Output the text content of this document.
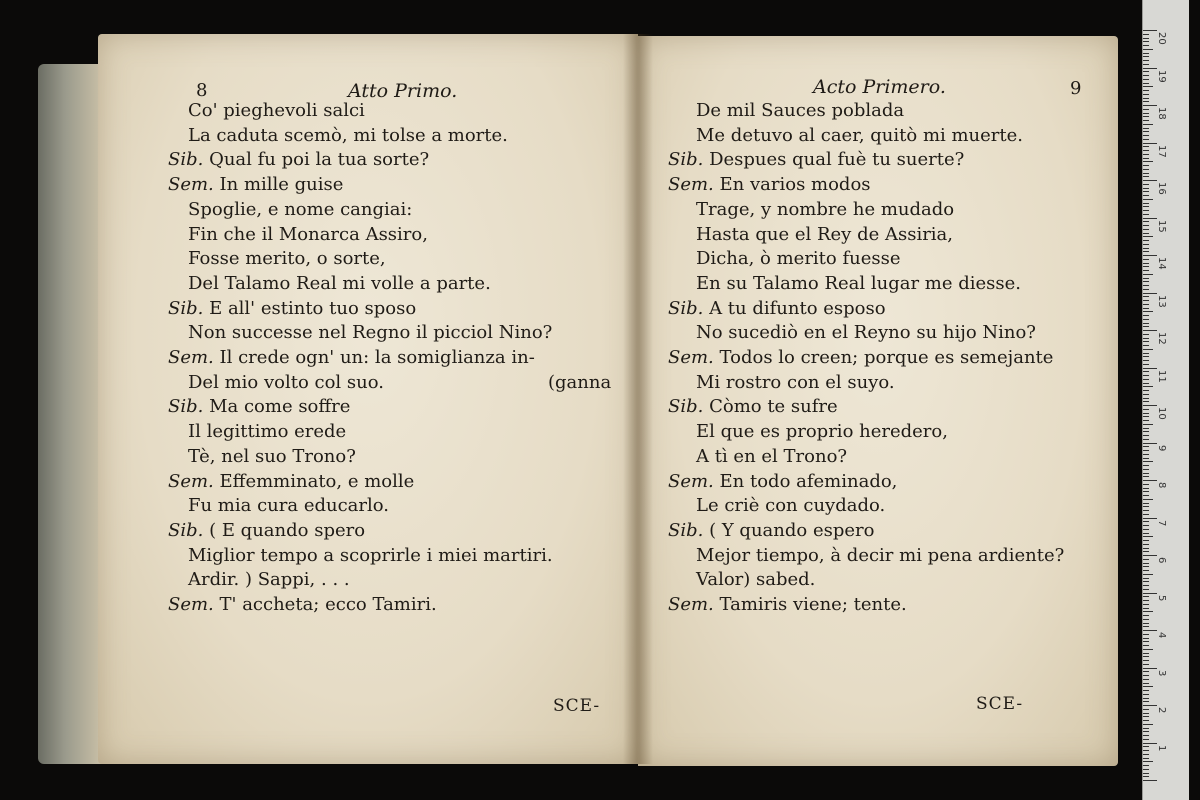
8	Atto Primo.
Co' pieghevoli salci
La caduta scemò, mi tolse a morte.
Sib. Qual fu poi la tua sorte?
Sem. In mille guise
Spoglie, e nome cangiai:
Fin che il Monarca Assiro,
Fosse merito, o sorte,
Del Talamo Real mi volle a parte.
Sib. E all' estinto tuo sposo
Non successe nel Regno il picciol Nino?
Sem. Il crede ogn' un: la somiglianza in-
Del mio volto col suo.	(ganna
Sib. Ma come soffre
Il legittimo erede
Tè, nel suo Trono?
Sem. Effemminato, e molle
Fu mia cura educarlo.
Sib. ( E quando spero
Miglior tempo a scoprirle i miei martiri.
Ardir. ) Sappi, . . .
Sem. T' accheta; ecco Tamiri.
SCE-
Acto Primero.	9
De mil Sauces poblada
Me detuvo al caer, quitò mi muerte.
Sib. Despues qual fuè tu suerte?
Sem. En varios modos
Trage, y nombre he mudado
Hasta que el Rey de Assiria,
Dicha, ò merito fuesse
En su Talamo Real lugar me diesse.
Sib. A tu difunto esposo
No sucediò en el Reyno su hijo Nino?
Sem. Todos lo creen; porque es semejante
Mi rostro con el suyo.
Sib. Còmo te sufre
El que es proprio heredero,
A tì en el Trono?
Sem. En todo afeminado,
Le criè con cuydado.
Sib. ( Y quando espero
Mejor tiempo, à decir mi pena ardiente?
Valor) sabed.
Sem. Tamiris viene; tente.
SCE-
1
2
3
4
5
6
7
8
9
10
11
12
13
14
15
16
17
18
19
20
